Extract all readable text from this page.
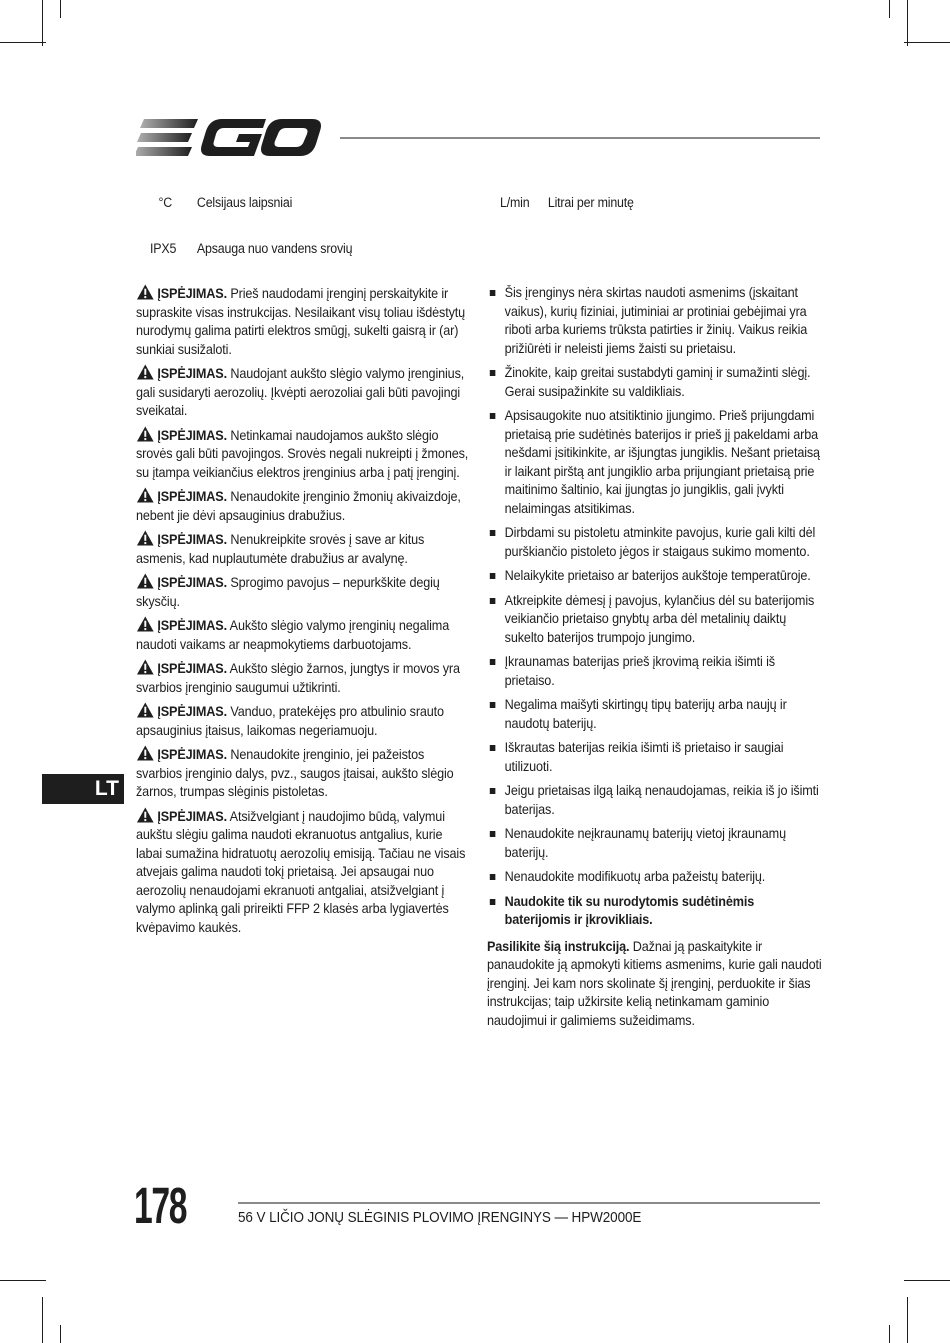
°C Celsijaus laipsniai	L/min Litrai per minutę
IPX5 Apsauga nuo vandens srovių

ĮSPĖJIMAS. Prieš naudodami įrenginį perskaitykite ir supraskite visas instrukcijas. Nesilaikant visų toliau išdėstytų nurodymų galima patirti elektros smūgį, sukelti gaisrą ir (ar) sunkiai susižaloti.

ĮSPĖJIMAS. Naudojant aukšto slėgio valymo įrenginius, gali susidaryti aerozolių. Įkvėpti aerozoliai gali būti pavojingi sveikatai.

ĮSPĖJIMAS. Netinkamai naudojamos aukšto slėgio srovės gali būti pavojingos. Srovės negali nukreipti į žmones, su įtampa veikiančius elektros įrenginius arba į patį įrenginį.

ĮSPĖJIMAS. Nenaudokite įrenginio žmonių akivaizdoje, nebent jie dėvi apsauginius drabužius.

ĮSPĖJIMAS. Nenukreipkite srovės į save ar kitus asmenis, kad nuplautumėte drabužius ar avalynę.

ĮSPĖJIMAS. Sprogimo pavojus – nepurkškite degių skysčių.

ĮSPĖJIMAS. Aukšto slėgio valymo įrenginių negalima naudoti vaikams ar neapmokytiems darbuotojams.

ĮSPĖJIMAS. Aukšto slėgio žarnos, jungtys ir movos yra svarbios įrenginio saugumui užtikrinti.

ĮSPĖJIMAS. Vanduo, pratekėjęs pro atbulinio srauto apsauginius įtaisus, laikomas negeriamuoju.

ĮSPĖJIMAS. Nenaudokite įrenginio, jei pažeistos svarbios įrenginio dalys, pvz., saugos įtaisai, aukšto slėgio žarnos, trumpas slėginis pistoletas.

ĮSPĖJIMAS. Atsižvelgiant į naudojimo būdą, valymui aukštu slėgiu galima naudoti ekranuotus antgalius, kurie labai sumažina hidratuotų aerozolių emisiją. Tačiau ne visais atvejais galima naudoti tokį prietaisą. Jei apsaugai nuo aerozolių nenaudojami ekranuoti antgaliai, atsižvelgiant į valymo aplinką gali prireikti FFP 2 klasės arba lygiavertės kvėpavimo kaukės.

Šis įrenginys nėra skirtas naudoti asmenims (įskaitant vaikus), kurių fiziniai, jutiminiai ar protiniai gebėjimai yra riboti arba kuriems trūksta patirties ir žinių. Vaikus reikia prižiūrėti ir neleisti jiems žaisti su prietaisu.
Žinokite, kaip greitai sustabdyti gaminį ir sumažinti slėgį. Gerai susipažinkite su valdikliais.
Apsisaugokite nuo atsitiktinio įjungimo. Prieš prijungdami prietaisą prie sudėtinės baterijos ir prieš jį pakeldami arba nešdami įsitikinkite, ar išjungtas jungiklis. Nešant prietaisą ir laikant pirštą ant jungiklio arba prijungiant prietaisą prie maitinimo šaltinio, kai įjungtas jo jungiklis, gali įvykti nelaimingas atsitikimas.
Dirbdami su pistoletu atminkite pavojus, kurie gali kilti dėl purškiančio pistoleto jėgos ir staigaus sukimo momento.
Nelaikykite prietaiso ar baterijos aukštoje temperatūroje.
Atkreipkite dėmesį į pavojus, kylančius dėl su baterijomis veikiančio prietaiso gnybtų arba dėl metalinių daiktų sukelto baterijos trumpojo jungimo.
Įkraunamas baterijas prieš įkrovimą reikia išimti iš prietaiso.
Negalima maišyti skirtingų tipų baterijų arba naujų ir naudotų baterijų.
Iškrautas baterijas reikia išimti iš prietaiso ir saugiai utilizuoti.
Jeigu prietaisas ilgą laiką nenaudojamas, reikia iš jo išimti baterijas.
Nenaudokite neįkraunamų baterijų vietoj įkraunamų baterijų.
Nenaudokite modifikuotų arba pažeistų baterijų.
Naudokite tik su nurodytomis sudėtinėmis baterijomis ir įkrovikliais.

Pasilikite šią instrukciją. Dažnai ją paskaitykite ir panaudokite ją apmokyti kitiems asmenims, kurie gali naudoti įrenginį. Jei kam nors skolinate šį įrenginį, perduokite ir šias instrukcijas; taip užkirsite kelią netinkamam gaminio naudojimui ir galimiems sužeidimams.

LT
178	56 V LIČIO JONŲ SLĖGINIS PLOVIMO ĮRENGINYS — HPW2000E
